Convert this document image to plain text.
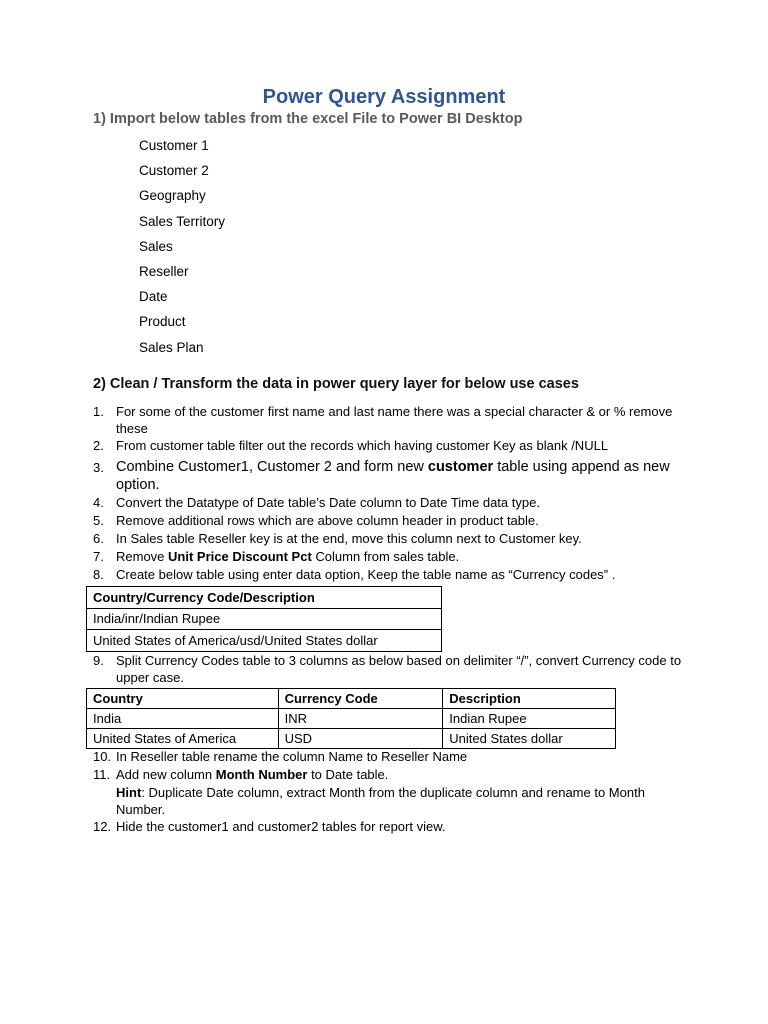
Power Query Assignment
1) Import below tables from the excel File to Power BI Desktop
Customer 1
Customer 2
Geography
Sales Territory
Sales
Reseller
Date
Product
Sales Plan
2) Clean / Transform the data in power query layer for below use cases
1. For some of the customer first name and last name there was a special character & or % remove these
2. From customer table filter out the records which having customer Key as blank /NULL
3. Combine Customer1, Customer 2 and form new customer table using append as new option.
4. Convert the Datatype of Date table’s Date column to Date Time data type.
5. Remove additional rows which are above column header in product table.
6. In Sales table Reseller key is at the end, move this column next to Customer key.
7. Remove Unit Price Discount Pct Column from sales table.
8. Create below table using enter data option, Keep the table name as “Currency codes” .
Country/Currency Code/Description
India/inr/Indian Rupee
United States of America/usd/United States dollar
9. Split Currency Codes table to 3 columns as below based on delimiter “/”, convert Currency code to upper case.
Country	Currency Code	Description
India	INR	Indian Rupee
United States of America	USD	United States dollar
10. In Reseller table rename the column Name to Reseller Name
11. Add new column Month Number to Date table.
Hint: Duplicate Date column, extract Month from the duplicate column and rename to Month Number.
12. Hide the customer1 and customer2 tables for report view.
